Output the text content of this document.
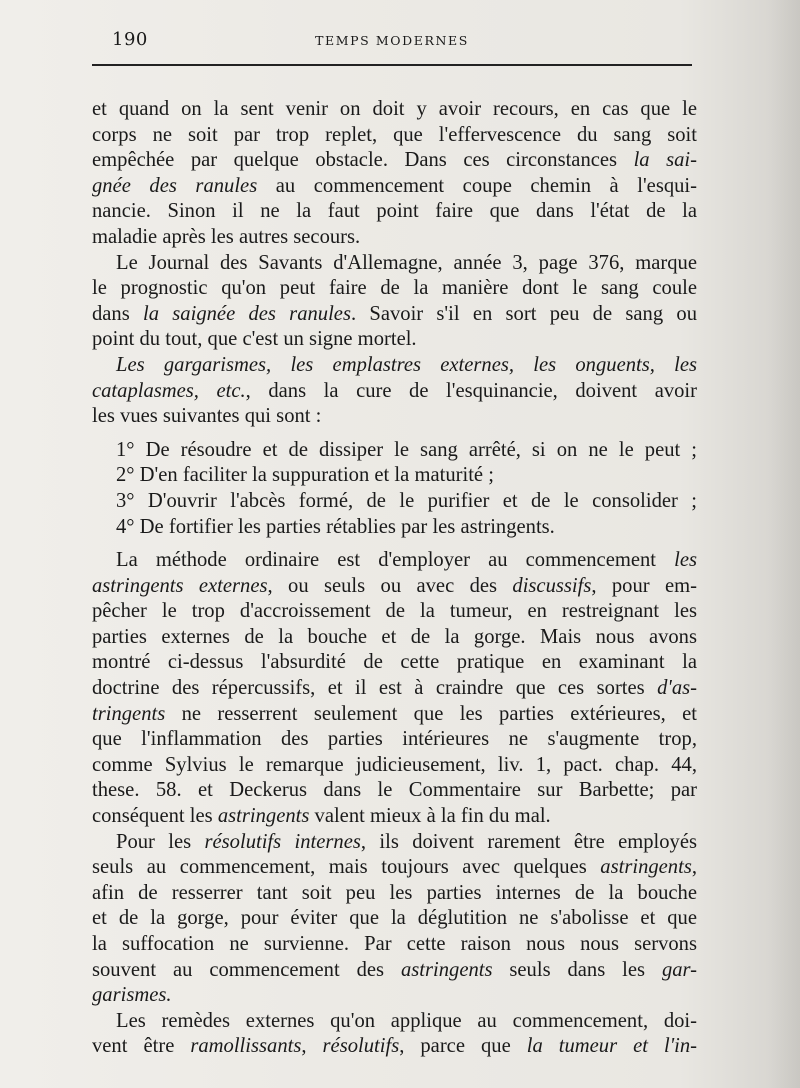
190	TEMPS MODERNES
et quand on la sent venir on doit y avoir recours, en cas que le
corps ne soit par trop replet, que l'effervescence du sang soit
empêchée par quelque obstacle. Dans ces circonstances la sai-
gnée des ranules au commencement coupe chemin à l'esqui-
nancie. Sinon il ne la faut point faire que dans l'état de la
maladie après les autres secours.
Le Journal des Savants d'Allemagne, année 3, page 376, marque
le prognostic qu'on peut faire de la manière dont le sang coule
dans la saignée des ranules. Savoir s'il en sort peu de sang ou
point du tout, que c'est un signe mortel.
Les gargarismes, les emplastres externes, les onguents, les
cataplasmes, etc., dans la cure de l'esquinancie, doivent avoir
les vues suivantes qui sont :
1° De résoudre et de dissiper le sang arrêté, si on ne le peut ;
2° D'en faciliter la suppuration et la maturité ;
3° D'ouvrir l'abcès formé, de le purifier et de le consolider ;
4° De fortifier les parties rétablies par les astringents.
La méthode ordinaire est d'employer au commencement les
astringents externes, ou seuls ou avec des discussifs, pour em-
pêcher le trop d'accroissement de la tumeur, en restreignant les
parties externes de la bouche et de la gorge. Mais nous avons
montré ci-dessus l'absurdité de cette pratique en examinant la
doctrine des répercussifs, et il est à craindre que ces sortes d'as-
tringents ne resserrent seulement que les parties extérieures, et
que l'inflammation des parties intérieures ne s'augmente trop,
comme Sylvius le remarque judicieusement, liv. 1, pact. chap. 44,
these. 58. et Deckerus dans le Commentaire sur Barbette; par
conséquent les astringents valent mieux à la fin du mal.
Pour les résolutifs internes, ils doivent rarement être employés
seuls au commencement, mais toujours avec quelques astringents,
afin de resserrer tant soit peu les parties internes de la bouche
et de la gorge, pour éviter que la déglutition ne s'abolisse et que
la suffocation ne survienne. Par cette raison nous nous servons
souvent au commencement des astringents seuls dans les gar-
garismes.
Les remèdes externes qu'on applique au commencement, doi-
vent être ramollissants, résolutifs, parce que la tumeur et l'in-
